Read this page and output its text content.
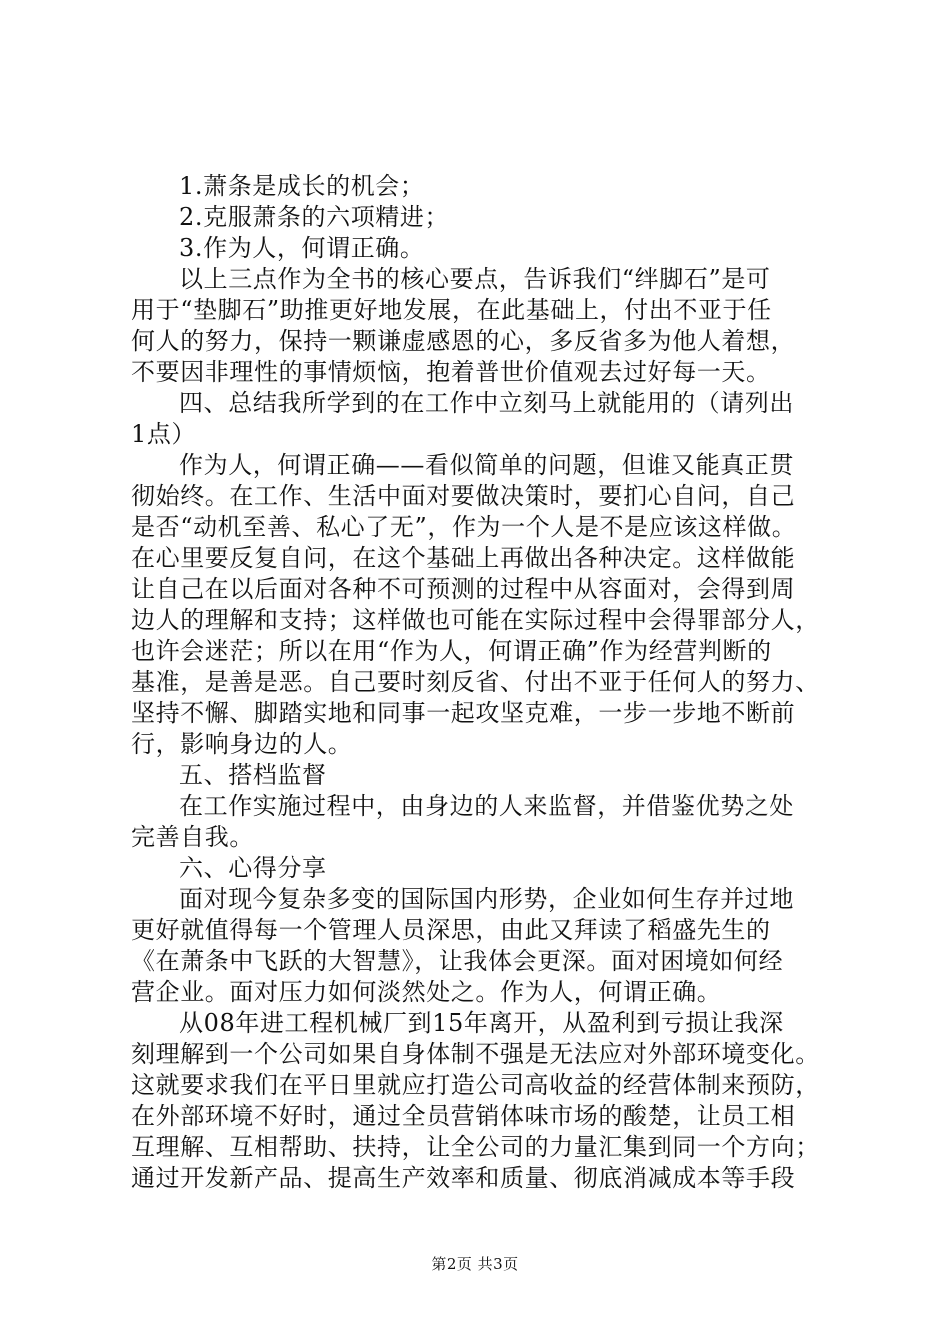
1.萧条是成长的机会；
2.克服萧条的六项精进；
3.作为人，何谓正确。
以上三点作为全书的核心要点，告诉我们“绊脚石”是可
用于“垫脚石”助推更好地发展，在此基础上，付出不亚于任
何人的努力，保持一颗谦虚感恩的心，多反省多为他人着想，
不要因非理性的事情烦恼，抱着普世价值观去过好每一天。
四、总结我所学到的在工作中立刻马上就能用的（请列出
1点）
作为人，何谓正确——看似简单的问题，但谁又能真正贯
彻始终。在工作、生活中面对要做决策时，要扪心自问，自己
是否“动机至善、私心了无”，作为一个人是不是应该这样做。
在心里要反复自问，在这个基础上再做出各种决定。这样做能
让自己在以后面对各种不可预测的过程中从容面对，会得到周
边人的理解和支持；这样做也可能在实际过程中会得罪部分人，
也许会迷茫；所以在用“作为人，何谓正确”作为经营判断的
基准，是善是恶。自己要时刻反省、付出不亚于任何人的努力、
坚持不懈、脚踏实地和同事一起攻坚克难，一步一步地不断前
行，影响身边的人。
五、搭档监督
在工作实施过程中，由身边的人来监督，并借鉴优势之处
完善自我。
六、心得分享
面对现今复杂多变的国际国内形势，企业如何生存并过地
更好就值得每一个管理人员深思，由此又拜读了稻盛先生的
《在萧条中飞跃的大智慧》，让我体会更深。面对困境如何经
营企业。面对压力如何淡然处之。作为人，何谓正确。
从08年进工程机械厂到15年离开，从盈利到亏损让我深
刻理解到一个公司如果自身体制不强是无法应对外部环境变化。
这就要求我们在平日里就应打造公司高收益的经营体制来预防，
在外部环境不好时，通过全员营销体味市场的酸楚，让员工相
互理解、互相帮助、扶持，让全公司的力量汇集到同一个方向；
通过开发新产品、提高生产效率和质量、彻底消减成本等手段
第2页 共3页
